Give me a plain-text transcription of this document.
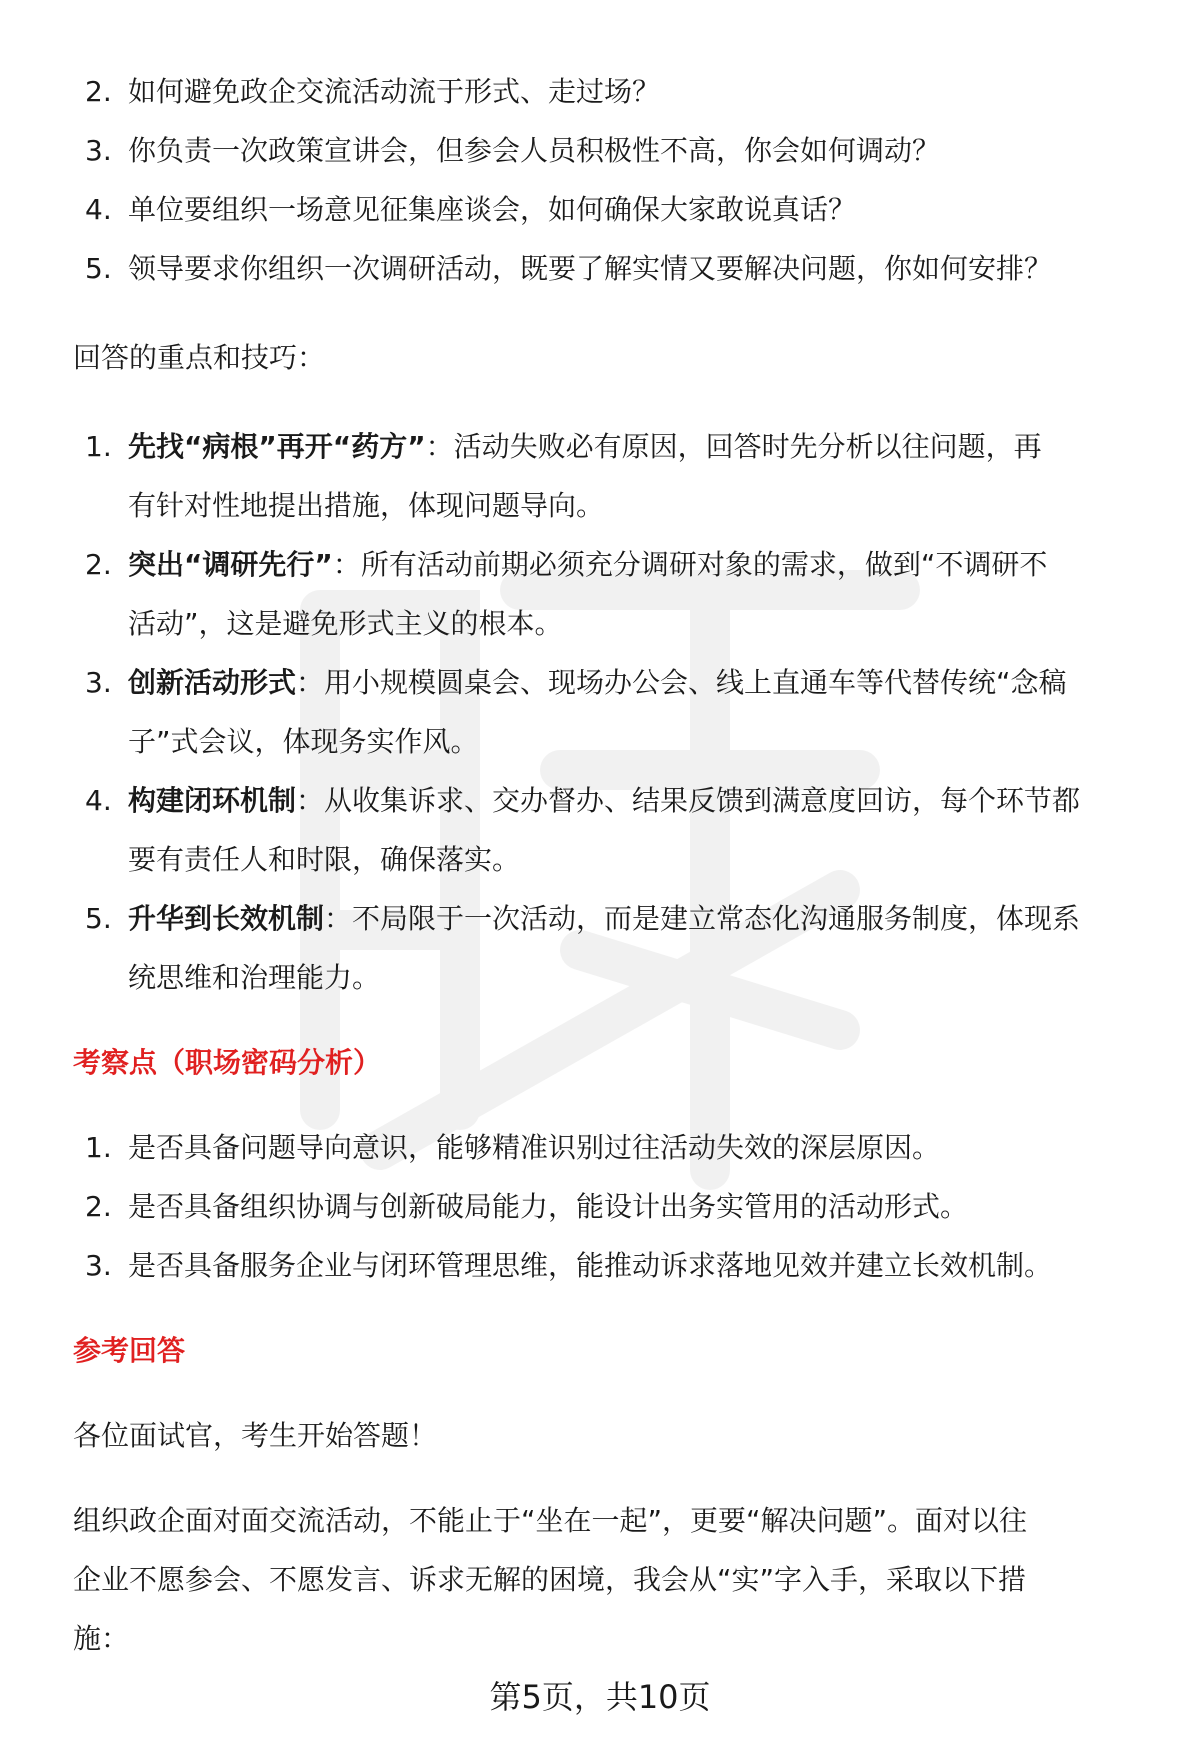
2. 如何避免政企交流活动流于形式、走过场？
3. 你负责一次政策宣讲会，但参会人员积极性不高，你会如何调动？
4. 单位要组织一场意见征集座谈会，如何确保大家敢说真话？
5. 领导要求你组织一次调研活动，既要了解实情又要解决问题，你如何安排？

回答的重点和技巧：

1. 先找“病根”再开“药方”：活动失败必有原因，回答时先分析以往问题，再
有针对性地提出措施，体现问题导向。
2. 突出“调研先行”：所有活动前期必须充分调研对象的需求，做到“不调研不
活动”，这是避免形式主义的根本。
3. 创新活动形式：用小规模圆桌会、现场办公会、线上直通车等代替传统“念稿
子”式会议，体现务实作风。
4. 构建闭环机制：从收集诉求、交办督办、结果反馈到满意度回访，每个环节都
要有责任人和时限，确保落实。
5. 升华到长效机制：不局限于一次活动，而是建立常态化沟通服务制度，体现系
统思维和治理能力。

考察点（职场密码分析）

1. 是否具备问题导向意识，能够精准识别过往活动失效的深层原因。
2. 是否具备组织协调与创新破局能力，能设计出务实管用的活动形式。
3. 是否具备服务企业与闭环管理思维，能推动诉求落地见效并建立长效机制。

参考回答

各位面试官，考生开始答题！

组织政企面对面交流活动，不能止于“坐在一起”，更要“解决问题”。面对以往
企业不愿参会、不愿发言、诉求无解的困境，我会从“实”字入手，采取以下措
施：

第5页，共10页
